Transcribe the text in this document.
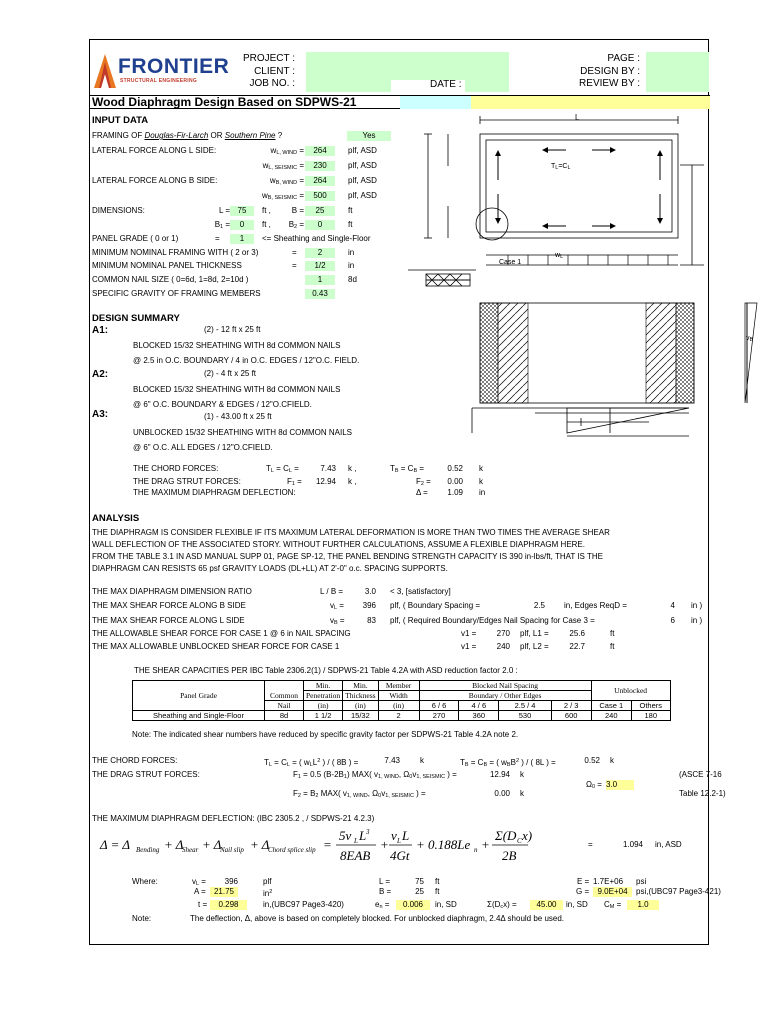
FRONTIER
STRUCTURAL ENGINEERING
PROJECT :
CLIENT :
JOB NO. :	DATE :
PAGE :
DESIGN BY :
REVIEW BY :
Wood Diaphragm Design Based on SDPWS-21
INPUT DATA
FRAMING OF Douglas-Fir-Larch OR Southern Pine ?	Yes
LATERAL FORCE ALONG L SIDE:	$w_{L, WIND}$ =	264	plf, ASD
$w_{L, SEISMIC}$ =	230	plf, ASD
LATERAL FORCE ALONG B SIDE:	$w_{B, WIND}$ =	264	plf, ASD
$w_{B, SEISMIC}$ =	500	plf, ASD
DIMENSIONS:	L = 75	ft ,	B =	25	ft
$B_1$ =	0	ft ,	$B_2$ =	0	ft
PANEL GRADE ( 0 or 1)	=	1	<= Sheathing and Single-Floor
MINIMUM NOMINAL FRAMING WITH ( 2 or 3)	=	2	in
MINIMUM NOMINAL PANEL THICKNESS	=	1/2	in
COMMON NAIL SIZE ( 0=6d, 1=8d, 2=10d )	1	8d
SPECIFIC GRAVITY OF FRAMING MEMBERS	0.43
L
$T_L=C_L$
$w_L$
Case 1
$v_B$
DESIGN SUMMARY
A1:	(2) - 12 ft x 25 ft
BLOCKED 15/32 SHEATHING WITH 8d COMMON NAILS
@ 2.5 in O.C. BOUNDARY / 4 in O.C. EDGES / 12"O.C. FIELD.
A2:	(2) - 4 ft x 25 ft
BLOCKED 15/32 SHEATHING WITH 8d COMMON NAILS
@ 6" O.C. BOUNDARY & EDGES / 12"O.CFIELD.
A3:	(1) - 43.00 ft x 25 ft
UNBLOCKED 15/32 SHEATHING WITH 8d COMMON NAILS
@ 6" O.C. ALL EDGES / 12"O.CFIELD.
THE CHORD FORCES:	$T_L = C_L$ =	7.43 k ,	$T_B = C_B$ =	0.52 k
THE DRAG STRUT FORCES:	$F_1$ =	12.94 k ,	$F_2$ =	0.00 k
THE MAXIMUM DIAPHRAGM DEFLECTION:	Δ =	1.09 in
ANALYSIS
THE DIAPHRAGM IS CONSIDER FLEXIBLE IF ITS MAXIMUM LATERAL DEFORMATION IS MORE THAN TWO TIMES THE AVERAGE SHEAR
WALL DEFLECTION OF THE ASSOCIATED STORY. WITHOUT FURTHER CALCULATIONS, ASSUME A FLEXIBLE DIAPHRAGM HERE.
FROM THE TABLE 3.1 IN ASD MANUAL SUPP 01, PAGE SP-12, THE PANEL BENDING STRENGTH CAPACITY IS 390 in-lbs/ft, THAT IS THE
DIAPHRAGM CAN RESISTS 65 psf GRAVITY LOADS (DL+LL) AT 2'-0" o.c. SPACING SUPPORTS.
THE MAX DIAPHRAGM DIMENSION RATIO	L / B =	3.0 < 3, [satisfactory]
THE MAX SHEAR FORCE ALONG B SIDE	$v_L$ =	396 plf, ( Boundary Spacing =	2.5 in, Edges ReqD =	4 in )
THE MAX SHEAR FORCE ALONG L SIDE	$v_B$ =	83 plf, ( Required Boundary/Edges Nail Spacing for Case 3 =	6 in )
THE ALLOWABLE SHEAR FORCE FOR CASE 1 @ 6 in NAIL SPACING	v1 =	270 plf, L1 =	25.6	ft
THE MAX ALLOWABLE UNBLOCKED SHEAR FORCE FOR CASE 1	v1 =	240 plf, L2 =	22.7	ft
THE SHEAR CAPACITIES PER IBC Table 2306.2(1) / SDPWS-21 Table 4.2A with ASD reduction factor 2.0 :
Panel Grade	Common	Min.	Min.	Member	Blocked Nail Spacing				Unblocked	
		Penetration	Thickness	Width	Boundary / Other Edges					
	Nail	(in)	(in)	(in)	6 / 6	4 / 6	2.5 / 4	2 / 3	Case 1	Others
Sheathing and Single-Floor	8d	1 1/2	15/32	2	270	360	530	600	240	180
Note: The indicated shear numbers have reduced by specific gravity factor per SDPWS-21 Table 4.2A note 2.
THE CHORD FORCES:	$T_L = C_L$ = ( $w_LL^2$ ) / ( 8B ) =	7.43	k	$T_B = C_B$ = ( $w_BB^2$ ) / ( 8L ) =	0.52 k
THE DRAG STRUT FORCES:	$F_1 = 0.5$ $(B-2B_1)$ MAX( $v_{1, WIND}$, $\Omega_0v_{1, SEISMIC}$ ) =	12.94 k
$F_2 = B_2$ MAX( $v_{1, WIND}$, $\Omega_0v_{1, SEISMIC}$ ) =	0.00 k
$\Omega_0 = 3.0$
(ASCE 7-16
Table 12.2-1)
THE MAXIMUM DIAPHRAGM DEFLECTION: (IBC 2305.2 , / SDPWS-21 4.2.3)
Δ = Δ Bending + Δ
Shear + Δ
Nail slip + Δ
Chord splice slip =
5v L L 3
8EAB
+
v L L
4Gt
+ 0.188Le n +
Σ(D C x)
2B
=	1.094 in, ASD
Where:	$v_L$ =	396	plf	L =	75 ft	E = 1.7E+06 psi
A =	21.75	$in^2$	B =	25 ft	G =	9.0E+04	psi,(UBC97 Page3-421)
t =	0.298	in,(UBC97 Page3-420)	$e_n$ =	0.006	in, SD	$\Sigma(D_cx)$ =	45.00	in, SD $C_M$ =	1.0
Note:	The deflection, Δ, above is based on completely blocked. For unblocked diaphragm, 2.4Δ should be used.
